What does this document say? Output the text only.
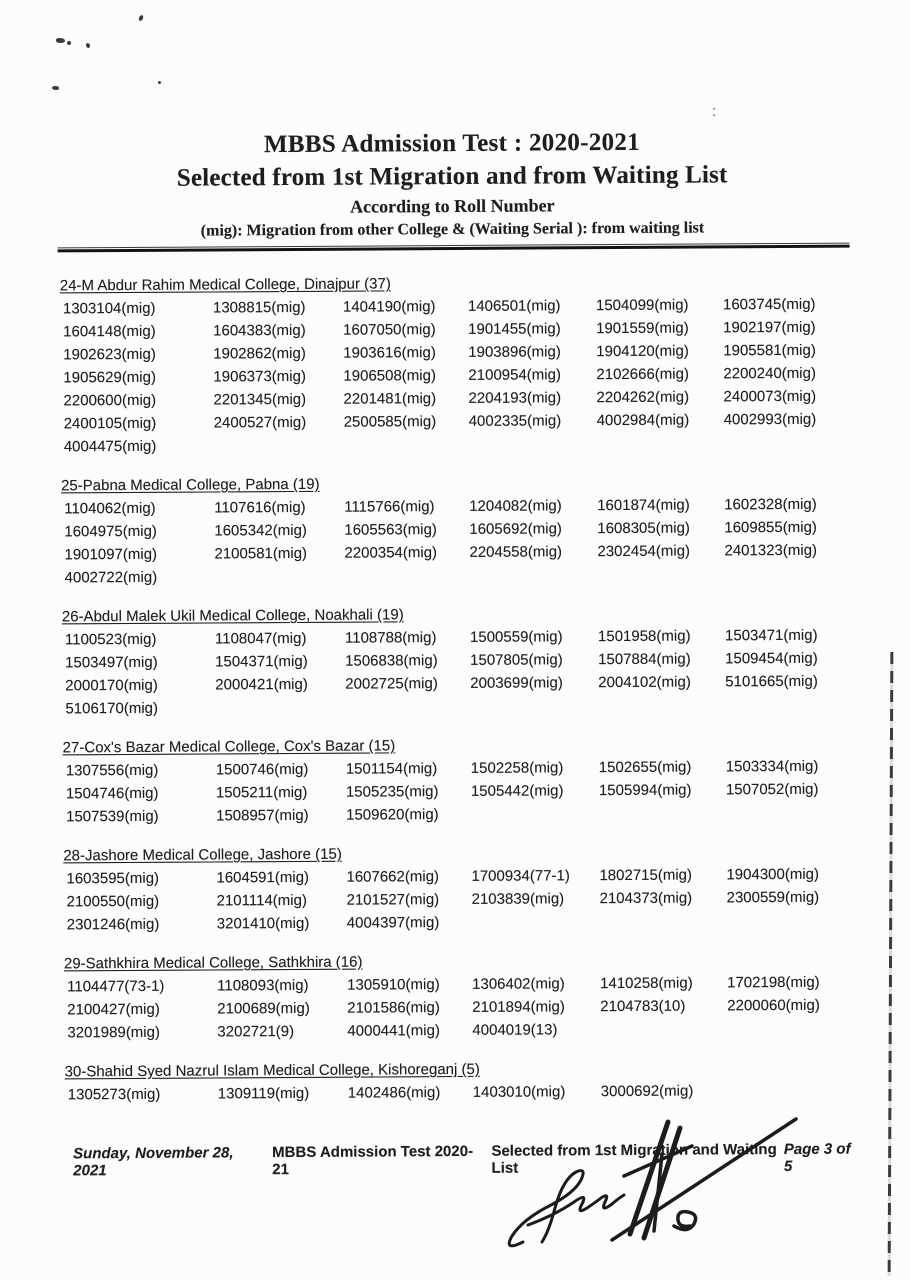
:
MBBS Admission Test : 2020-2021
Selected from 1st Migration and from Waiting List
According to Roll Number
(mig): Migration from other College & (Waiting Serial ): from waiting list
24-M Abdur Rahim Medical College, Dinajpur (37)
1303104(mig)	1308815(mig)	1404190(mig)	1406501(mig)	1504099(mig)	1603745(mig)
1604148(mig)	1604383(mig)	1607050(mig)	1901455(mig)	1901559(mig)	1902197(mig)
1902623(mig)	1902862(mig)	1903616(mig)	1903896(mig)	1904120(mig)	1905581(mig)
1905629(mig)	1906373(mig)	1906508(mig)	2100954(mig)	2102666(mig)	2200240(mig)
2200600(mig)	2201345(mig)	2201481(mig)	2204193(mig)	2204262(mig)	2400073(mig)
2400105(mig)	2400527(mig)	2500585(mig)	4002335(mig)	4002984(mig)	4002993(mig)
4004475(mig)
25-Pabna Medical College, Pabna (19)
1104062(mig)	1107616(mig)	1115766(mig)	1204082(mig)	1601874(mig)	1602328(mig)
1604975(mig)	1605342(mig)	1605563(mig)	1605692(mig)	1608305(mig)	1609855(mig)
1901097(mig)	2100581(mig)	2200354(mig)	2204558(mig)	2302454(mig)	2401323(mig)
4002722(mig)
26-Abdul Malek Ukil Medical College, Noakhali (19)
1100523(mig)	1108047(mig)	1108788(mig)	1500559(mig)	1501958(mig)	1503471(mig)
1503497(mig)	1504371(mig)	1506838(mig)	1507805(mig)	1507884(mig)	1509454(mig)
2000170(mig)	2000421(mig)	2002725(mig)	2003699(mig)	2004102(mig)	5101665(mig)
5106170(mig)
27-Cox's Bazar Medical College, Cox's Bazar (15)
1307556(mig)	1500746(mig)	1501154(mig)	1502258(mig)	1502655(mig)	1503334(mig)
1504746(mig)	1505211(mig)	1505235(mig)	1505442(mig)	1505994(mig)	1507052(mig)
1507539(mig)	1508957(mig)	1509620(mig)
28-Jashore Medical College, Jashore (15)
1603595(mig)	1604591(mig)	1607662(mig)	1700934(77-1)	1802715(mig)	1904300(mig)
2100550(mig)	2101114(mig)	2101527(mig)	2103839(mig)	2104373(mig)	2300559(mig)
2301246(mig)	3201410(mig)	4004397(mig)
29-Sathkhira Medical College, Sathkhira (16)
1104477(73-1)	1108093(mig)	1305910(mig)	1306402(mig)	1410258(mig)	1702198(mig)
2100427(mig)	2100689(mig)	2101586(mig)	2101894(mig)	2104783(10)	2200060(mig)
3201989(mig)	3202721(9)	4000441(mig)	4004019(13)
30-Shahid Syed Nazrul Islam Medical College, Kishoreganj (5)
1305273(mig)	1309119(mig)	1402486(mig)	1403010(mig)	3000692(mig)
Sunday, November 28, 2021
MBBS Admission Test 2020-21
Selected from 1st Migration and Waiting List
Page 3 of 5
